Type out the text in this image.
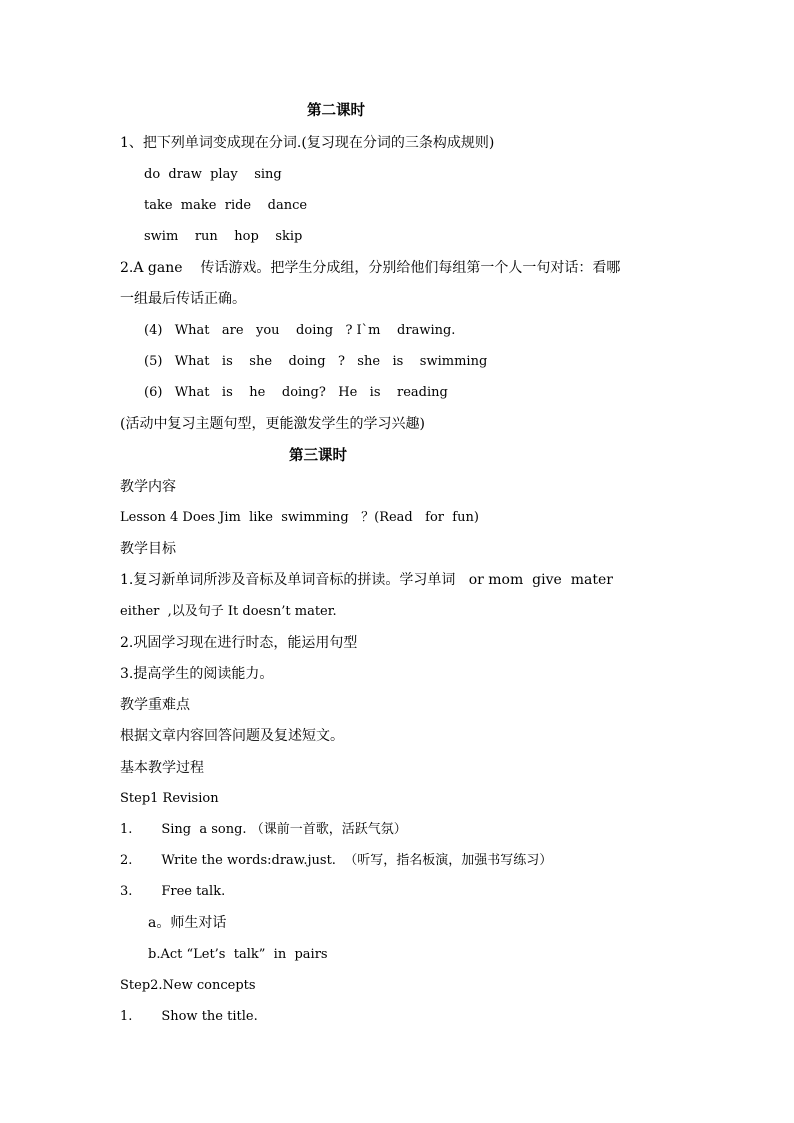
第二课时
1、把下列单词变成现在分词.(复习现在分词的三条构成规则)
do  draw  play    sing
take  make  ride    dance
swim    run    hop    skip
2.A gane    传话游戏。把学生分成组，分别给他们每组第一个人一句对话：看哪
一组最后传话正确。
(4)   What   are   you    doing   ? I`m    drawing.
(5)   What   is    she    doing   ?   she   is    swimming
(6)   What   is    he    doing?   He   is    reading
(活动中复习主题句型，更能激发学生的学习兴趣)
第三课时
教学内容
Lesson 4 Does Jim  like  swimming   ？(Read   for  fun)
教学目标
1.复习新单词所涉及音标及单词音标的拼读。学习单词   or mom  give  mater
either  ,以及句子 It doesn’t mater.
2.巩固学习现在进行时态，能运用句型
3.提高学生的阅读能力。
教学重难点
根据文章内容回答问题及复述短文。
基本教学过程
Step1 Revision
1.       Sing  a song. （课前一首歌，活跃气氛）
2.       Write the words:draw.just.  （听写，指名板演，加强书写练习）
3.       Free talk.
a。师生对话
b.Act “Let’s  talk”  in  pairs
Step2.New concepts
1.       Show the title.
